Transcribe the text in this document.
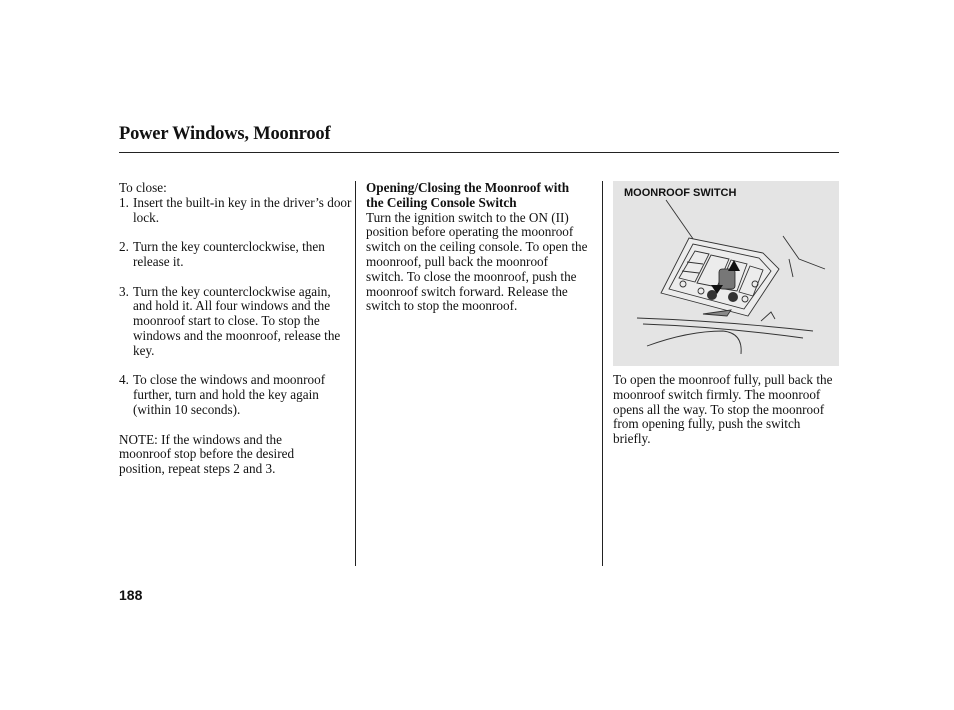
Power Windows, Moonroof

To close:

1. Insert the built-in key in the driver’s door lock.
2. Turn the key counterclockwise, then release it.
3. Turn the key counterclockwise again, and hold it. All four windows and the moonroof start to close. To stop the windows and the moonroof, release the key.
4. To close the windows and moonroof further, turn and hold the key again (within 10 seconds).

NOTE: If the windows and the moonroof stop before the desired position, repeat steps 2 and 3.

Opening/Closing the Moonroof with the Ceiling Console Switch

Turn the ignition switch to the ON (II) position before operating the moonroof switch on the ceiling console. To open the moonroof, pull back the moonroof switch. To close the moonroof, push the moonroof switch forward. Release the switch to stop the moonroof.

MOONROOF SWITCH

To open the moonroof fully, pull back the moonroof switch firmly. The moonroof opens all the way. To stop the moonroof from opening fully, push the switch briefly.

188
